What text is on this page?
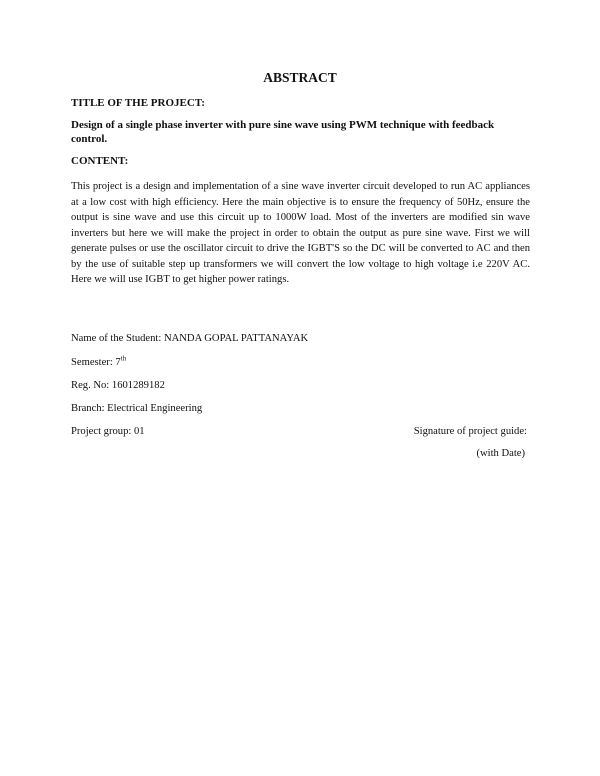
ABSTRACT
TITLE OF THE PROJECT:
Design of a single phase inverter with pure sine wave using PWM technique with feedback control.
CONTENT:
This project is a design and implementation of a sine wave inverter circuit developed to run AC appliances at a low cost with high efficiency. Here the main objective is to ensure the frequency of 50Hz, ensure the output is sine wave and use this circuit up to 1000W load. Most of the inverters are modified sin wave inverters but here we will make the project in order to obtain the output as pure sine wave. First we will generate pulses or use the oscillator circuit to drive the IGBT'S so the DC will be converted to AC and then by the use of suitable step up transformers we will convert the low voltage to high voltage i.e 220V AC. Here we will use IGBT to get higher power ratings.
Name of the Student: NANDA GOPAL PATTANAYAK
Semester: 7th
Reg. No: 1601289182
Branch: Electrical Engineering
Project group: 01	Signature of project guide:
(with Date)
